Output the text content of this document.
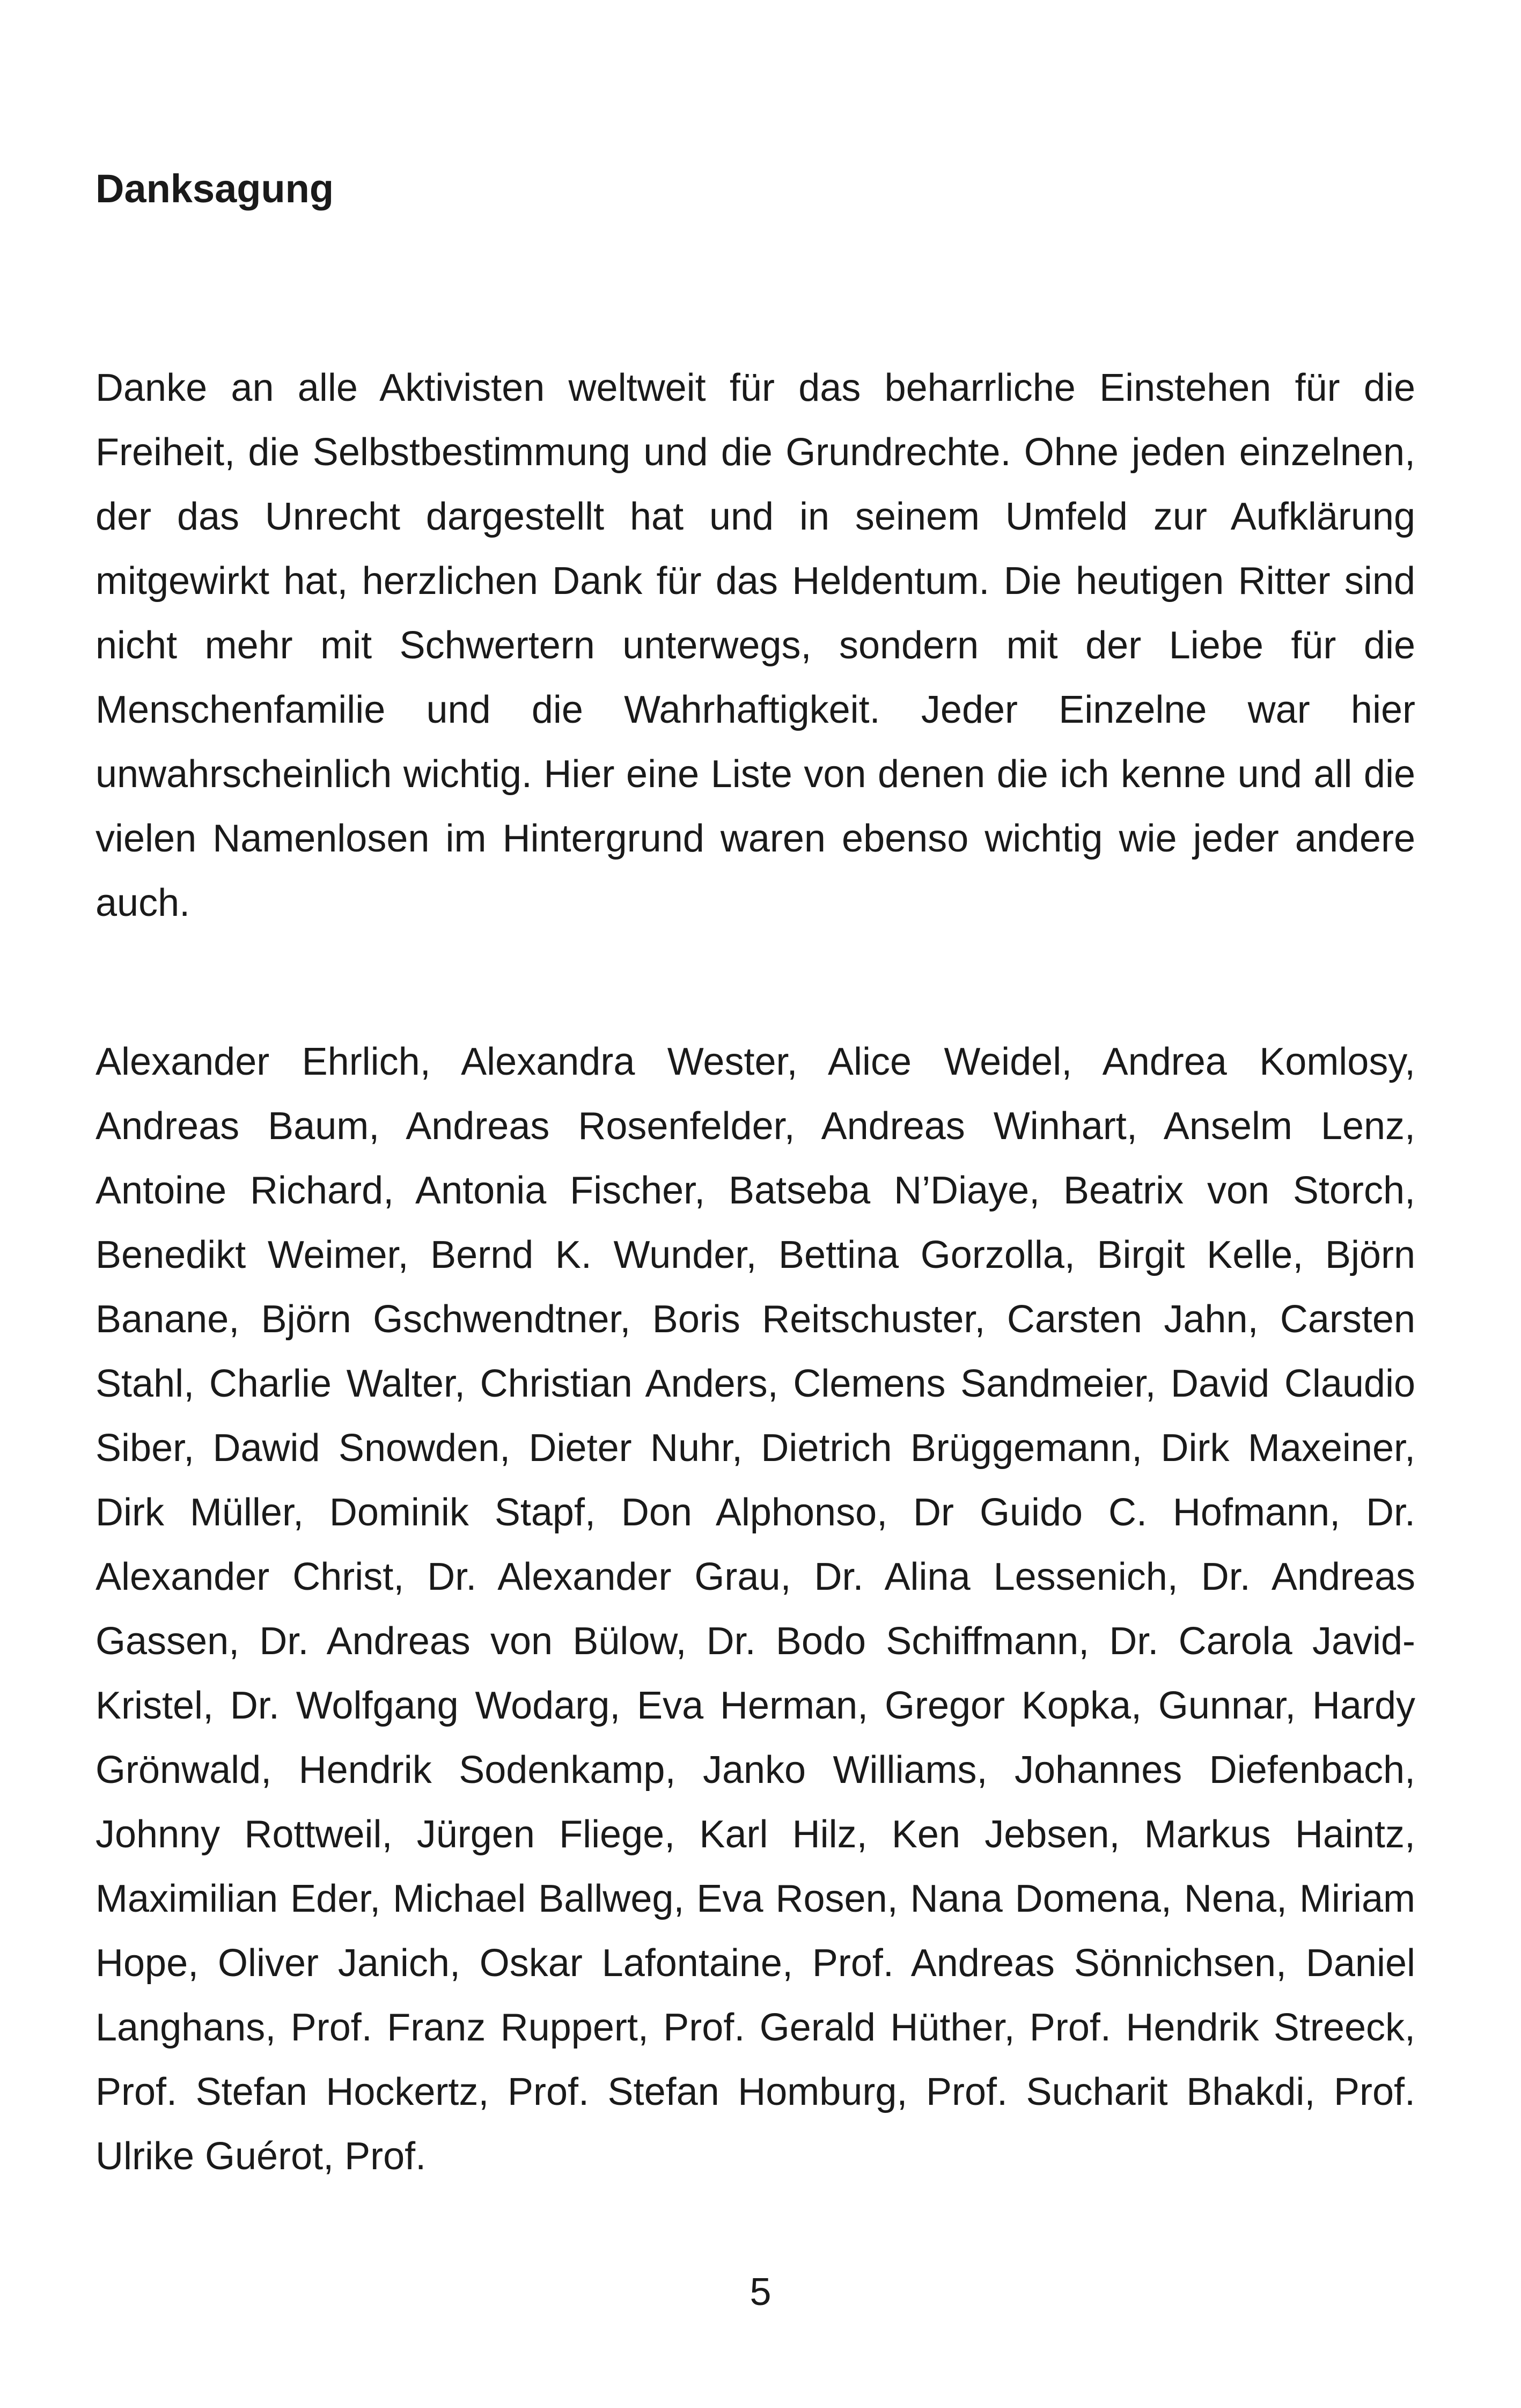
Danksagung

Danke an alle Aktivisten weltweit für das beharrliche Einstehen für die Freiheit, die Selbstbestimmung und die Grundrechte. Ohne jeden einzelnen, der das Unrecht dargestellt hat und in seinem Umfeld zur Aufklärung mitgewirkt hat, herzlichen Dank für das Heldentum. Die heutigen Ritter sind nicht mehr mit Schwertern unterwegs, sondern mit der Liebe für die Menschenfamilie und die Wahrhaftigkeit. Jeder Einzelne war hier unwahrscheinlich wichtig. Hier eine Liste von denen die ich kenne und all die vielen Namenlosen im Hintergrund waren ebenso wichtig wie jeder andere auch.

Alexander Ehrlich, Alexandra Wester, Alice Weidel, Andrea Komlosy, Andreas Baum, Andreas Rosenfelder, Andreas Winhart, Anselm Lenz, Antoine Richard, Antonia Fischer, Batseba N’Diaye, Beatrix von Storch, Benedikt Weimer, Bernd K. Wunder, Bettina Gorzolla, Birgit Kelle, Björn Banane, Björn Gschwendtner, Boris Reitschuster, Carsten Jahn, Carsten Stahl, Charlie Walter, Christian Anders, Clemens Sandmeier, David Claudio Siber, Dawid Snowden, Dieter Nuhr, Dietrich Brüggemann, Dirk Maxeiner, Dirk Müller, Dominik Stapf, Don Alphonso, Dr Guido C. Hofmann, Dr. Alexander Christ, Dr. Alexander Grau, Dr. Alina Lessenich, Dr. Andreas Gassen, Dr. Andreas von Bülow, Dr. Bodo Schiffmann, Dr. Carola Javid-Kristel, Dr. Wolfgang Wodarg, Eva Herman, Gregor Kopka, Gunnar, Hardy Grönwald, Hendrik Sodenkamp, Janko Williams, Johannes Diefenbach, Johnny Rottweil, Jürgen Fliege, Karl Hilz, Ken Jebsen, Markus Haintz, Maximilian Eder, Michael Ballweg, Eva Rosen, Nana Domena, Nena, Miriam Hope, Oliver Janich, Oskar Lafontaine, Prof. Andreas Sönnichsen, Daniel Langhans, Prof. Franz Ruppert, Prof. Gerald Hüther, Prof. Hendrik Streeck, Prof. Stefan Hockertz, Prof. Stefan Homburg, Prof. Sucharit Bhakdi, Prof. Ulrike Guérot, Prof.

5
